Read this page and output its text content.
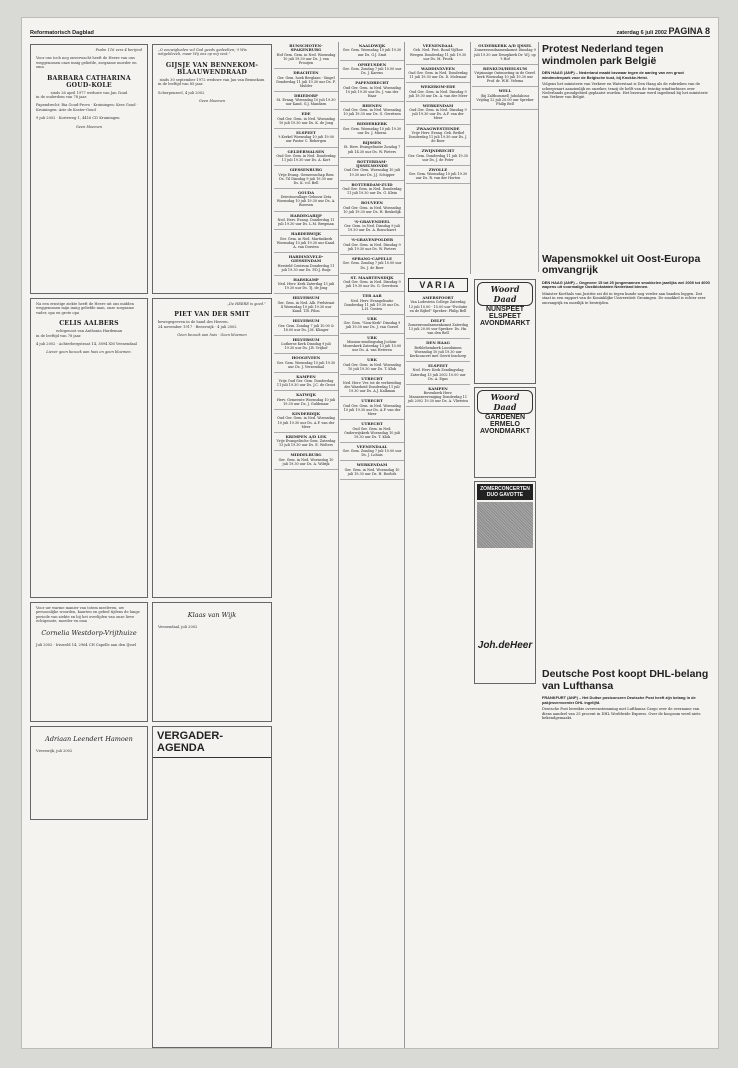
Reformatorisch Dagblad	zaterdag 6 juli 2002 PAGINA 8

Psalm 116 vers 4 berijmd

Voor ons toch nog onverwacht heeft de Heere van ons weggenomen onze innig geliefde, zorgzame moeder en oma

BARBARA CATHARINA GOUD-KOLE

sinds 26 april 1977 weduwe van Jan Goud

in de ouderdom van 78 jaar.

Papendrecht: Ria Goud-Provo · Kruiningen: Kees Goud · Kruiningen: Arie de Koster-Goud

9 juli 2002 · Korteweg 1, 4416 CD Kruiningen

Geen bloemen

Na een ernstige ziekte heeft de Heere uit ons midden weggenomen mijn innig geliefde man, onze zorgzame vader, opa en grote opa

CELIS AALBERS

echtgenoot van Anthonia Hardeman

in de leeftijd van 78 jaar.

4 juli 2002 · Achterbergstraat 14, 3894 XM Veenendaal

Liever geen bezoek aan huis en geen bloemen.

Voor uw warme manier van totem meeleven, uw persoonlijke woorden, kaarten en gebed tijdens de lange periode van ziekte en bij het overlijden van onze lieve echtgenote, moeder en oma

Cornelia Westdorp-Vrijthuize

Juli 2002 · Irisweld 14, 2964 CH Capelle aan den IJssel

Adriaan Leendert Hamoen

Vreeswijk, juli 2002

„O eeuwigheden vol God geeds gedeelten; 't Wis witgebleveli, maar Wij ons op mij vest.”

GIJSJE VAN BENNEKOM-BLAAUWENDRAAD

sinds 30 september 1972 weduwe van Jan van Bennekom

in de leeftijd van 85 jaar.

Scherpenzeel, 4 juli 2002

Geen bloemen

„De HEERE is goed.”

PIET VAN DER SMIT

bewegegeeven in de hand des Heeren.

24 november 1917 · Beesswijk · 4 juli 2002

Geen bezoek aan huis · Geen bloemen

Klaas van Wijk

Veenendaal, juli 2002

VERGADER-AGENDA
BUNSCHOTEN-SPAKENBURG
Hof Gem. Gem. in Ned. Woensdag 10 juli 19.30 uur Ds. J. van Prooijen
DRACHTEN
Ger. Gem. hoek Berglaan - Singel Donderdag 11 juli 19.30 uur Ds. F. Mulder
DRIEDORP
St. Evang. Woensdag 10 juli 19.30 uur Kand. G.J. Mandarn
EDE
Oud Ger. Gem. in Ned. Woensdag 10 juli 19.30 uur Ds. K. de Jong
ELSPEET
't Kerkel Woensdag 10 juli 19.00 uur Pastor C. Rebergen
GELDERMALSEN
Oud Ger. Gem. in Ned. Donderdag 11 juli 19.30 uur Ds. A. Kort
GIESSENBURG
Vrije Evang. Gemeenschap Rem Ds. Til Dinsdag 9 juli 19.30 uur Ds. K. v.d. Bell
GOUDA
Driestoorallage Gebouw Zeta Woensdag 10 juli 19.30 uur Ds. A. Boersen
HARDEGARIJP
Ned. Herv. Evang. Donderdag 11 juli 19.30 uur Ds. L.M. Bregman
HARDERWIJK
Ger. Gem. in Ned. Martinikerk Woensdag 10 juli 19.30 uur Kand. A. van Dorsten
HARDINXVELD-GIESSENDAM
Hersteld Centrum Donderdag 11 juli 19.30 uur Ds. P.D.J. Buijs
HARSKAMP
Ned. Herv. Kerk Zaterdag 13 juli 19.30 uur Ds. Tj. de Jong
HILVERSUM
Ger. Gem. in Ned. Alb. Prelstraat 4 Woensdag 10 juli 19.30 uur Kand. T.B. Pilon
HILVERSUM
Ger. Gem. Zondag 7 juli 10.00 & 18.00 uur Ds. J.M. Klinger
HILVERSUM
Lutherse Kerk Dinsdag 9 juli 19.30 uur Ds. J.B. Vrijhof
HOOGEVEEN
Ger. Gem. Woensdag 10 juli 19.30 uur Ds. J. Verzendaal
KAMPEN
Vrije Oud Ger. Gem. Donderdag 11 juli 19.30 uur Ds. J.C. de Groot
KATWIJK
Herv. Gemeente Woensdag 10 juli 19.30 uur Ds. J. Guldenaar
KINDERDIJK
Oud Ger. Gem. in Ned. Woensdag 10 juli 19.30 uur Ds. A.F. van der Meer
KRIMPEN A/D LEK
Vrije Evangelische Gem. Zaterdag 13 juli 19.30 uur Ds. E. Wolters
MIDDELBURG
Ger. Gem. in Ned. Woensdag 10 juli 19.30 uur Ds. A. Wilrijk
NAALDWIJK
Ger. Gem. Woensdag 10 juli 19.30 uur Ds. G.J. Smit
OPHEUSDEN
Ger. Gem. Zondag 7 juli 10.00 uur Ds. J. Karens
PAPENDRECHT
Oud Ger. Gem. in Ned. Woensdag 10 juli 19.30 uur Ds. J. van der Haar
RHENEN
Oud Ger. Gem. in Ned. Woensdag 10 juli 19.30 uur Ds. G. Gerritsen
RIDDERKERK
Ger. Gem. Woensdag 10 juli 19.30 uur Ds. J. Mieras
RIJSSEN
St. Herv. Evangelisatie Zondag 7 juli 14.30 uur Ds. W. Pieters
ROTTERDAM-IJSSELMONDE
Oud Ger. Gem. Woensdag 10 juli 19.30 uur Ds. J.J. Schipper
ROTTERDAM-ZUID
Oud Ger. Gem. in Ned. Donderdag 11 juli 19.30 uur Ds. G. Klein
ROUVEEN
Oud Ger. Gem. in Ned. Woensdag 10 juli 19.30 uur Ds. H. Beukelijk
'S-GRAVENDEEL
Ger. Gem. in Ned. Dinsdag 9 juli 19.30 uur Ds. A. Bosschaert
'S-GRAVENPOLDER
Oud Ger. Gem. in Ned. Dinsdag 9 juli 19.30 uur Ds. W. Pieters
SPRANG-CAPELLE
Ger. Gem. Zondag 7 juli 10.00 uur Ds. J. de Boer
ST. MAARTENSDIJK
Oud Ger. Gem. in Ned. Dinsdag 9 juli 19.30 uur Ds. G. Gerritsen
TER AAR
Ned. Herv. Evangelisatie Donderdag 11 juli 19.30 uur Ds. L.H. Oosten
URK
Ger. Gem. "Sion-Kerk" Dinsdag 9 juli 19.30 uur Ds. J. van Gorsel
URK
Mission-zendingsdag Jochim-Mozeskerk Zaterdag 13 juli 10.00 uur Ds. A. van Heteren
URK
Oud Ger. Gem. in Ned. Woensdag 10 juli 19.30 uur Ds. T. Klok
UTRECHT
Ned. Herv. Ver. tot de verbreiding der Waarheid Donderdag 11 juli 19.30 uur Ds. A.J. Kalkman
UTRECHT
Oud Ger. Gem. in Ned. Woensdag 10 juli 19.30 uur Ds. A.F. van der Meer
UTRECHT
Oud Ger. Gem. in Ned. Onderwijskerk Woensdag 10 juli 19.30 uur Ds. T. Klok
VEENENDAAL
Ger. Gem. Zondag 7 juli 10.00 uur Ds. J. Lohuis
WERKENDAM
Ger. Gem. in Ned. Woensdag 10 juli 19.30 uur Ds. H. Roelofs
VEENENDAAL
Geh. Ned. Prot. Bond Vijfhoe Weegen Donderdag 11 juli 19.30 uur Ds. M. Proek
WADDINXVEEN
Oud Ger. Gem. in Ned. Donderdag 11 juli 19.30 uur Ds. D. Molenaar
WEKEROM-EDE
Oud Ger. Gem. in Ned. Dinsdag 9 juli 19.30 uur Ds. A. van der Meer
WERKENDAM
Oud Ger. Gem. in Ned. Dinsdag 9 juli 19.30 uur Ds. A.F. van der Meer
ZWAAGWESTEINDE
Vrije Herv. Evang. Geb. Bethel Donderdag 11 juli 19.30 uur Ds. J. de Boer
ZWIJNDRECHT
Ger. Gem. Donderdag 11 juli 19.30 uur Ds. J. de Poter
ZWOLLE
Ger. Gem. Woensdag 10 juli 19.30 uur Ds. R. van der Horten
VARIA
AMERSFOORT
Van Lodestein College Zaterdag 13 juli 10.00 - 15.00 uur "Evolutie en de Bijbel" Spreker: Philip Bell
DELFT
Zomeravondsamenkomst Zaterdag 13 juli 20.00 uur Spreker: Ds. Hn. van den Bell
DEN HAAG
Bethlehemkerk Loosduinen Woensdag 10 juli 19.30 uur Kerkconcert met Gerrit Inscherp
ELSPEET
Ned. Herv. Kerk Zendingsdag Zaterdag 13 juli 2002 10.00 uur Ds. A. Egas
KAMPEN
Bovenkerk Herv. Mannenvereniging Donderdag 11 juli 2002 19.30 uur Ds. A. Vlietstra
OUDERKERK A/D IJSSEL
Zomeravondsamenkomst Dinsdag 9 juli 19.30 uur Deurpkerk Dr. W.J. op 't Hof
RENKUM/HEELSUM
Vrijzinnige Ontmoeting in de Geref. kerk Woensdag 10 juli 19.30 uur Prof. dr. W.H. Velema
WELL
(bij Zaltbommel) Jubolahous Vrijdag 12 juli 20.00 uur Spreker Philip Bell
Woord Daad
NUNSPEET
ELSPEET
AVONDMARKT
Woord Daad
GARDENEN
ERMELO
AVONDMARKT
ZOMERCONCERTEN DUO GAVOTTE
Joh.deHeer
Protest Nederland tegen windmolen park België

DEN HAAG (ANP) – Nederland maakt bezwaar tegen de aanleg van een groot windmolenpark voor de Belgische kust, bij Knokke-Heist.

Volgens het ministerie van Verkeer en Waterstaat is Den Haag als de rubrieken van de scheepvaart aanzienlijk en onzeker, tenzij de helft van de twintig windturbines over Nederlands grondgebied geplaatst worden. Het bezwaar werd ingediend bij het ministerie van Verkeer van België.

Wapensmokkel uit Oost-Europa omvangrijk

DEN HAAG (ANP) – Ongeveer 15 tot 25 jongemannen smokkelen jaarlijks wel 2000 tot 4000 wapens uit voormalige Oostblokstaten Nederland binnen.

Minister Korthals van Justitie zei dit in tegen kunde nog verder aan banden leggen. Dat staat in een rapport van de Koninklijke Universiteit Groningen. De smokkel is echter zeer omvangrijk en moeilijk te bestrijden.

Deutsche Post koopt DHL-belang van Lufthansa

FRANKFURT (ANP) – Het Duitse postconcern Deutsche Post heeft zijn belang in de pakjesvervoerder DHL ingelijfd.

Deutsche Post bereikte overeenstemming met Lufthansa Cargo over de overname van diens aandeel van 25 procent in DHL Worldwide Express. Over de koopsom werd niets bekendgemaakt.
